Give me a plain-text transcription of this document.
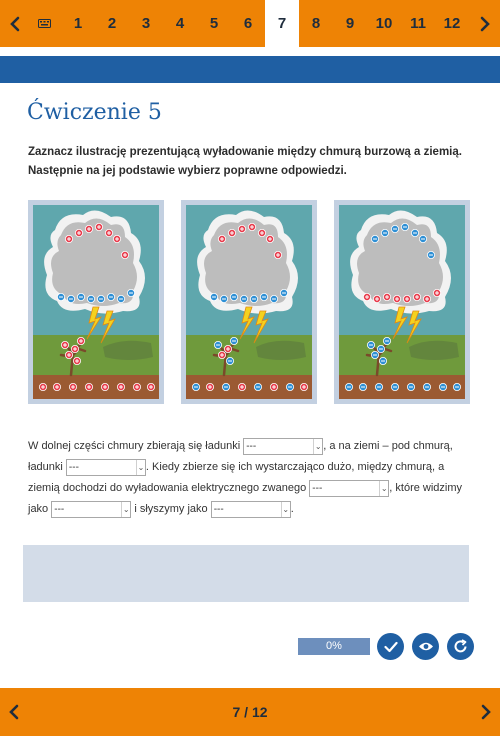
1	2	3	4	5	6	7	8	9	10	11	12
Ćwiczenie 5
Zaznacz ilustrację prezentującą wyładowanie między chmurą burzową a ziemią.
Następnie na jej podstawie wybierz poprawne odpowiedzi.
W dolnej części chmury zbierają się ładunki ---	⌄ , a na ziemi – pod chmurą,
ładunki ---	⌄ . Kiedy zbierze się ich wystarczająco dużo, między chmurą, a
ziemią dochodzi do wyładowania elektrycznego zwanego ---	⌄ , które widzimy
jako ---	⌄ i słyszymy jako ---	⌄ .
0%
7 / 12
